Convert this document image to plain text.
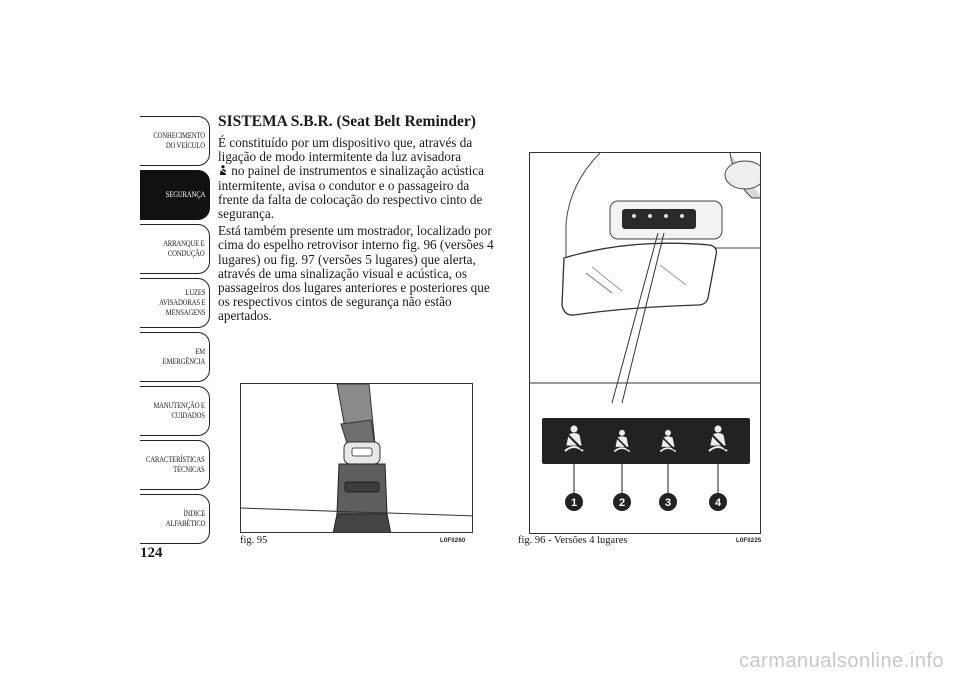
CONHECIMENTO
DO VEÍCULO
SEGURANÇA
ARRANQUE E
CONDUÇÃO
LUZES
AVISADORAS E
MENSAGENS
EM EMERGÊNCIA
MANUTENÇÃO E
CUIDADOS
CARACTERÍSTICAS
TÉCNICAS
ÍNDICE
ALFABÉTICO
124
SISTEMA S.B.R. (Seat Belt Reminder)

É constituído por um dispositivo que, através da ligação de modo intermitente da luz avisadora
no painel de instrumentos e sinalização acústica intermitente, avisa o condutor e o passageiro da frente da falta de colocação do respectivo cinto de segurança.

Está também presente um mostrador, localizado por cima do espelho retrovisor interno fig. 96 (versões 4 lugares) ou fig. 97 (versões 5 lugares) que alerta, através de uma sinalização visual e acústica, os passageiros dos lugares anteriores e posteriores que os respectivos cintos de segurança não estão apertados.

fig. 95	L0F0260
1	2	3	4
fig. 96 - Versões 4 lugares	L0F0225
carmanualsonline.info
